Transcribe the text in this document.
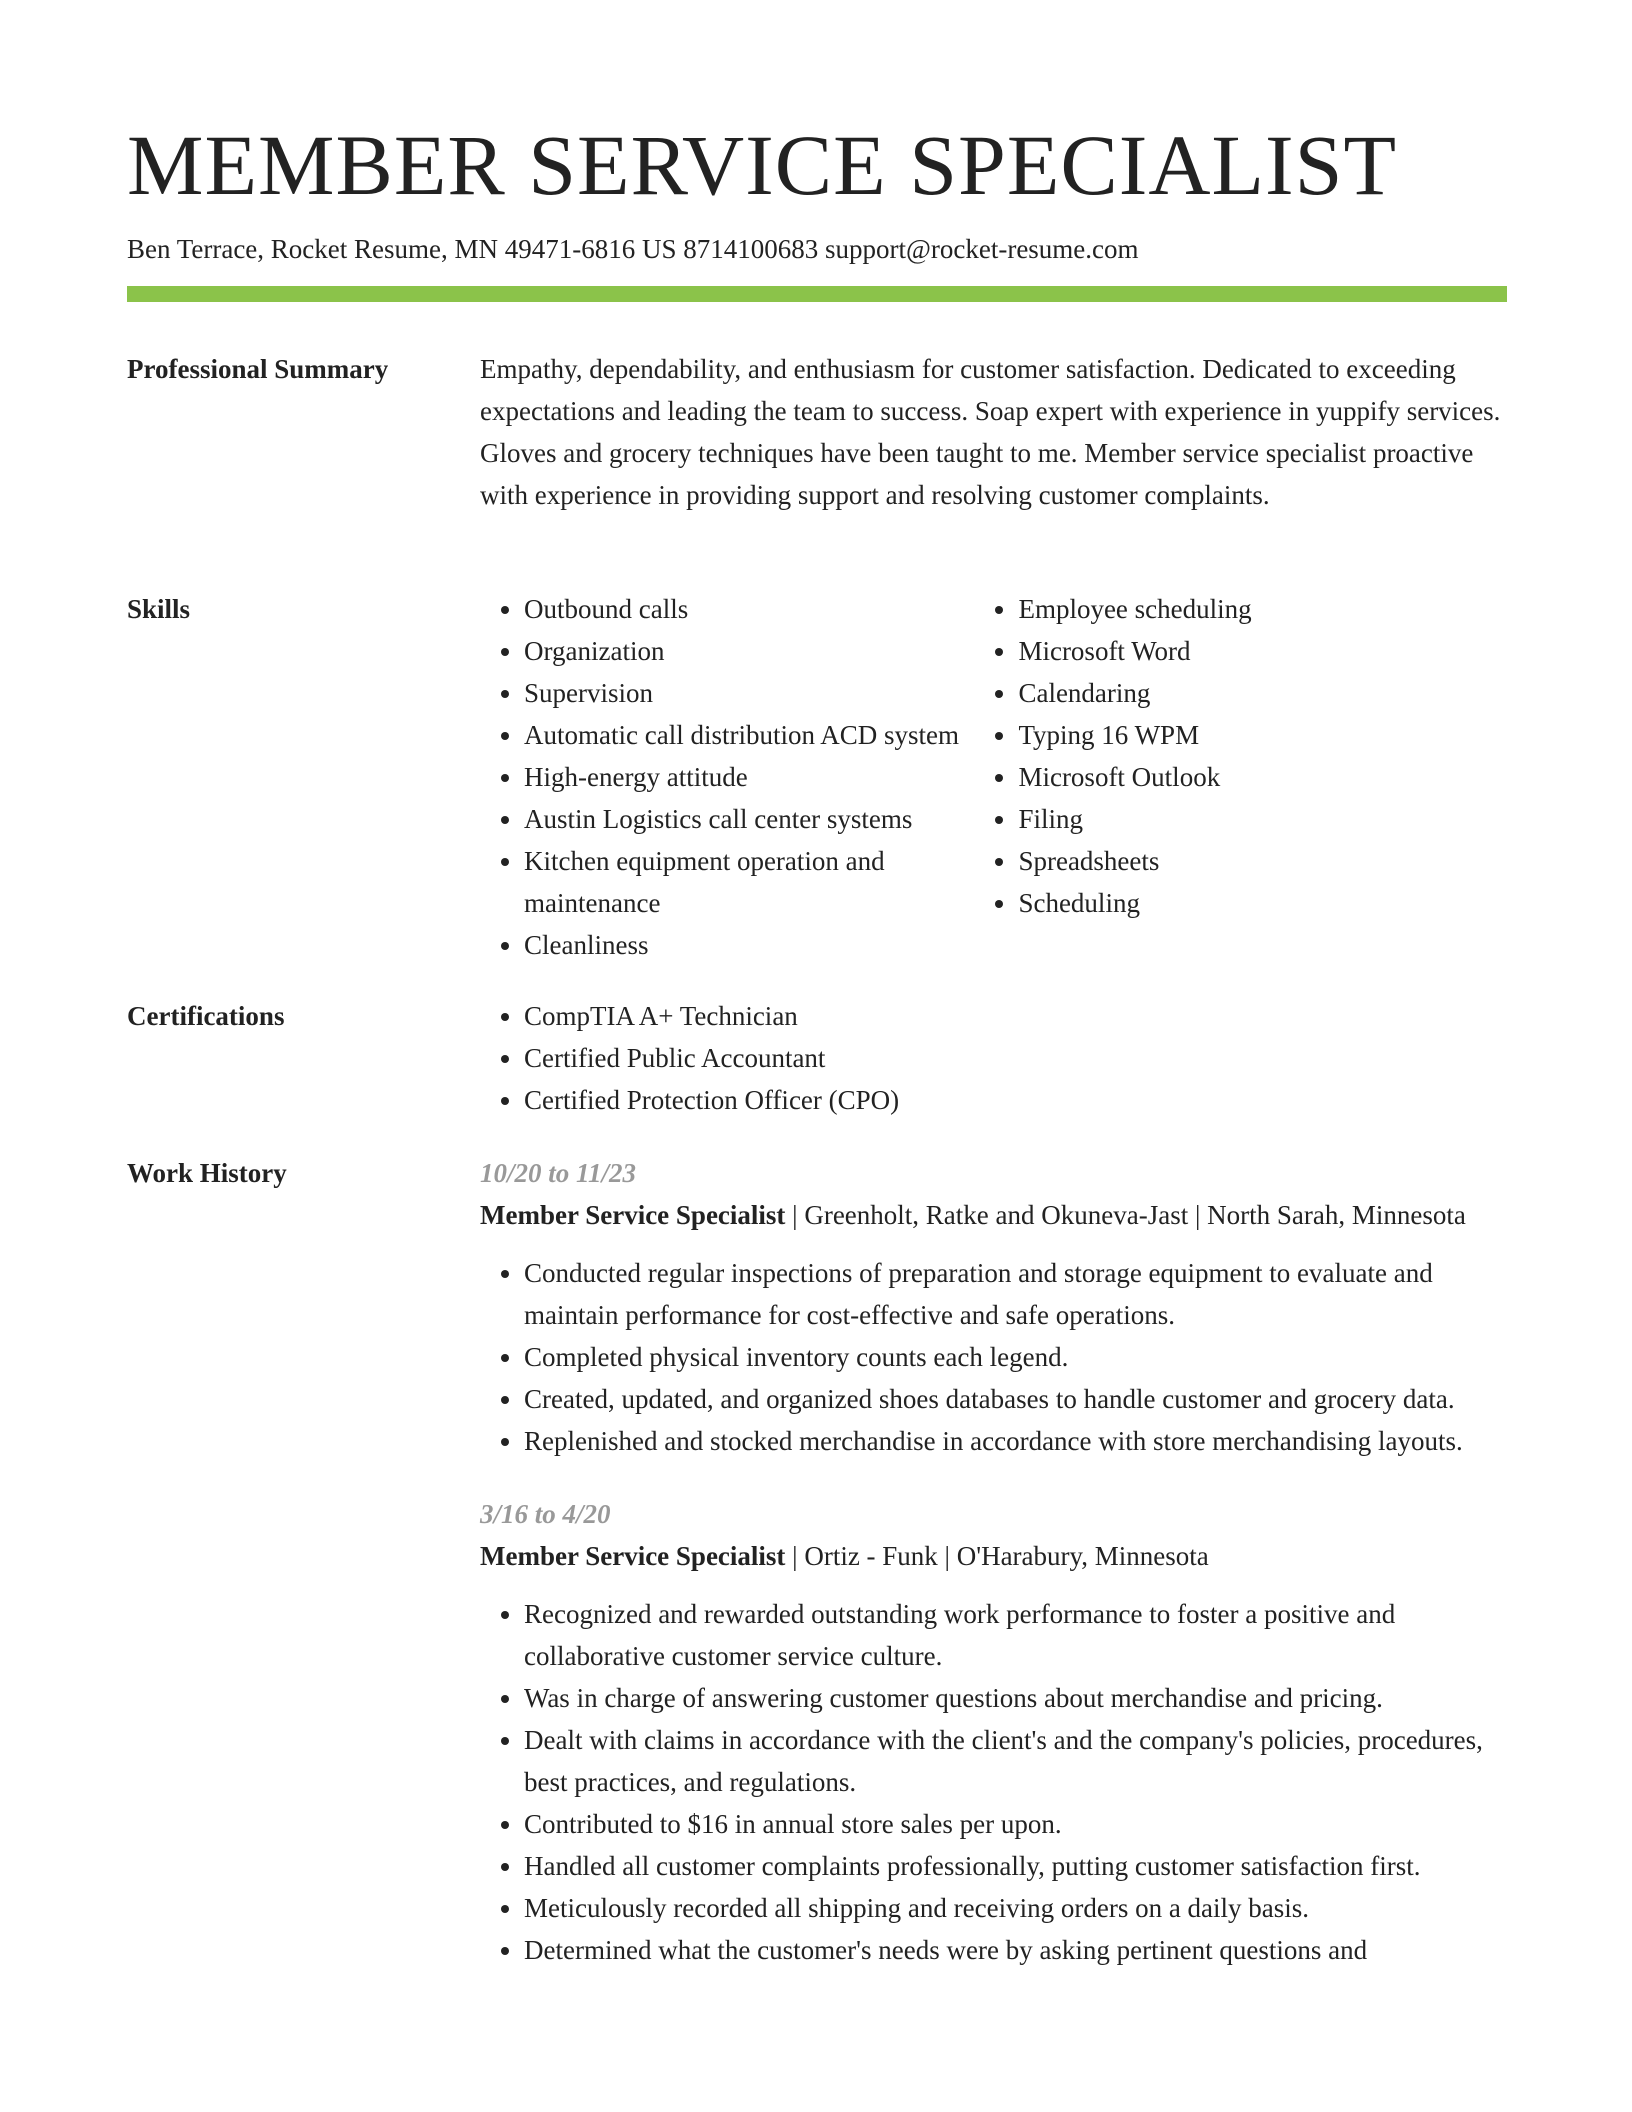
MEMBER SERVICE SPECIALIST
Ben Terrace, Rocket Resume, MN 49471-6816 US 8714100683 support@rocket-resume.com
Professional Summary	Empathy, dependability, and enthusiasm for customer satisfaction. Dedicated to exceeding expectations and leading the team to success. Soap expert with experience in yuppify services. Gloves and grocery techniques have been taught to me. Member service specialist proactive with experience in providing support and resolving customer complaints.

Skills	• Outbound calls
• Organization
• Supervision
• Automatic call distribution ACD system
• High-energy attitude
• Austin Logistics call center systems
• Kitchen equipment operation and maintenance
• Cleanliness
• Employee scheduling
• Microsoft Word
• Calendaring
• Typing 16 WPM
• Microsoft Outlook
• Filing
• Spreadsheets
• Scheduling
Certifications	• CompTIA A+ Technician
• Certified Public Accountant
• Certified Protection Officer (CPO)
Work History	10/20 to 11/23
Member Service Specialist | Greenholt, Ratke and Okuneva-Jast | North Sarah, Minnesota
• Conducted regular inspections of preparation and storage equipment to evaluate and maintain performance for cost-effective and safe operations.
• Completed physical inventory counts each legend.
• Created, updated, and organized shoes databases to handle customer and grocery data.
• Replenished and stocked merchandise in accordance with store merchandising layouts.
3/16 to 4/20
Member Service Specialist | Ortiz - Funk | O'Harabury, Minnesota
• Recognized and rewarded outstanding work performance to foster a positive and collaborative customer service culture.
• Was in charge of answering customer questions about merchandise and pricing.
• Dealt with claims in accordance with the client's and the company's policies, procedures, best practices, and regulations.
• Contributed to $16 in annual store sales per upon.
• Handled all customer complaints professionally, putting customer satisfaction first.
• Meticulously recorded all shipping and receiving orders on a daily basis.
• Determined what the customer's needs were by asking pertinent questions and
